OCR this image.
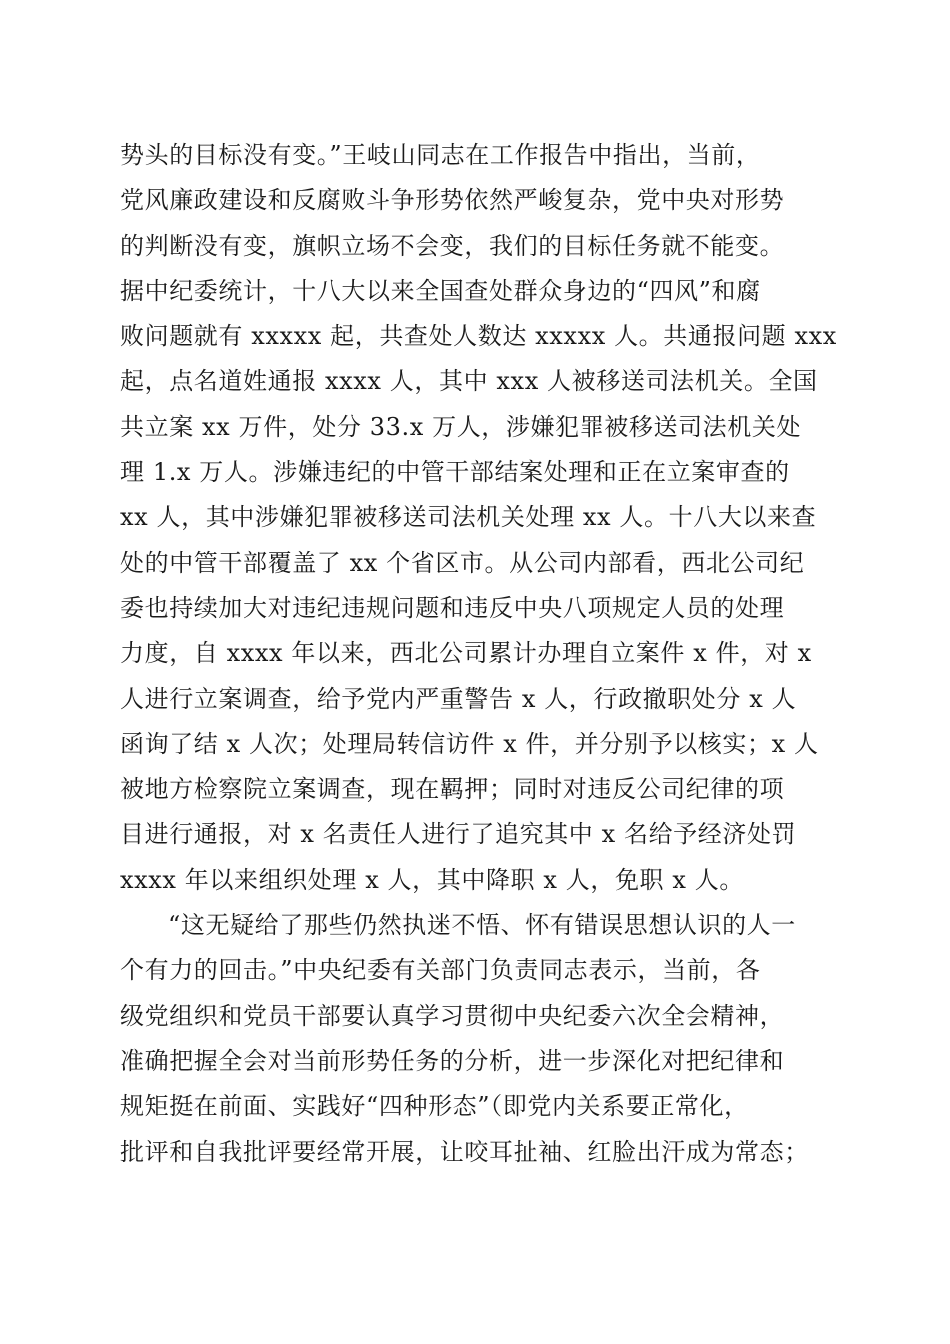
势头的目标没有变。”王岐山同志在工作报告中指出，当前，
党风廉政建设和反腐败斗争形势依然严峻复杂，党中央对形势
的判断没有变，旗帜立场不会变，我们的目标任务就不能变。
据中纪委统计，十八大以来全国查处群众身边的“四风”和腐
败问题就有 xxxxx 起，共查处人数达 xxxxx 人。共通报问题 xxx
起，点名道姓通报 xxxx 人，其中 xxx 人被移送司法机关。全国
共立案 xx 万件，处分 33.x 万人，涉嫌犯罪被移送司法机关处
理 1.x 万人。涉嫌违纪的中管干部结案处理和正在立案审查的
xx 人，其中涉嫌犯罪被移送司法机关处理 xx 人。十八大以来查
处的中管干部覆盖了 xx 个省区市。从公司内部看，西北公司纪
委也持续加大对违纪违规问题和违反中央八项规定人员的处理
力度，自 xxxx 年以来，西北公司累计办理自立案件 x 件，对 x
人进行立案调查，给予党内严重警告 x 人，行政撤职处分 x 人
函询了结 x 人次；处理局转信访件 x 件，并分别予以核实；x 人
被地方检察院立案调查，现在羁押；同时对违反公司纪律的项
目进行通报，对 x 名责任人进行了追究其中 x 名给予经济处罚
xxxx 年以来组织处理 x 人，其中降职 x 人，免职 x 人。
“这无疑给了那些仍然执迷不悟、怀有错误思想认识的人一
个有力的回击。”中央纪委有关部门负责同志表示，当前，各
级党组织和党员干部要认真学习贯彻中央纪委六次全会精神，
准确把握全会对当前形势任务的分析，进一步深化对把纪律和
规矩挺在前面、实践好“四种形态”（即党内关系要正常化，
批评和自我批评要经常开展，让咬耳扯袖、红脸出汗成为常态；
